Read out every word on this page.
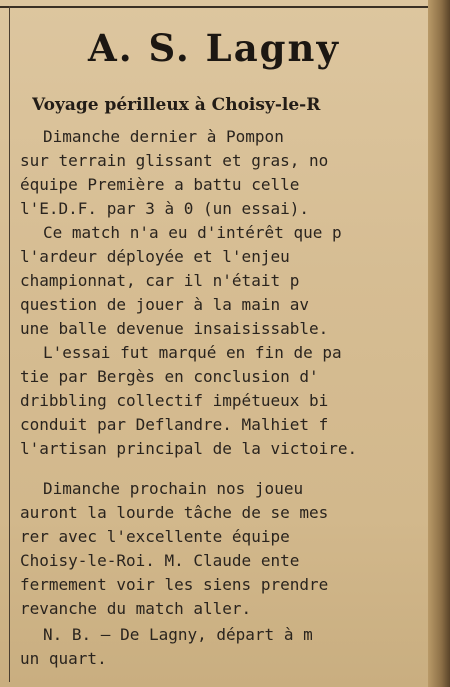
A. S. Lagny
Voyage périlleux à Choisy-le-R
Dimanche dernier à Pompon
sur terrain glissant et gras, no
équipe Première a battu celle
l'E.D.F. par 3 à 0 (un essai).
Ce match n'a eu d'intérêt que p
l'ardeur déployée et l'enjeu
championnat, car il n'était p
question de jouer à la main av
une balle devenue insaisissable.
L'essai fut marqué en fin de pa
tie par Bergès en conclusion d'
dribbling collectif impétueux bi
conduit par Deflandre. Malhiet f
l'artisan principal de la victoire.
Dimanche prochain nos joueu
auront la lourde tâche de se mes
rer avec l'excellente équipe
Choisy-le-Roi. M. Claude ente
fermement voir les siens prendre
revanche du match aller.
N. B. — De Lagny, départ à m
un quart.
